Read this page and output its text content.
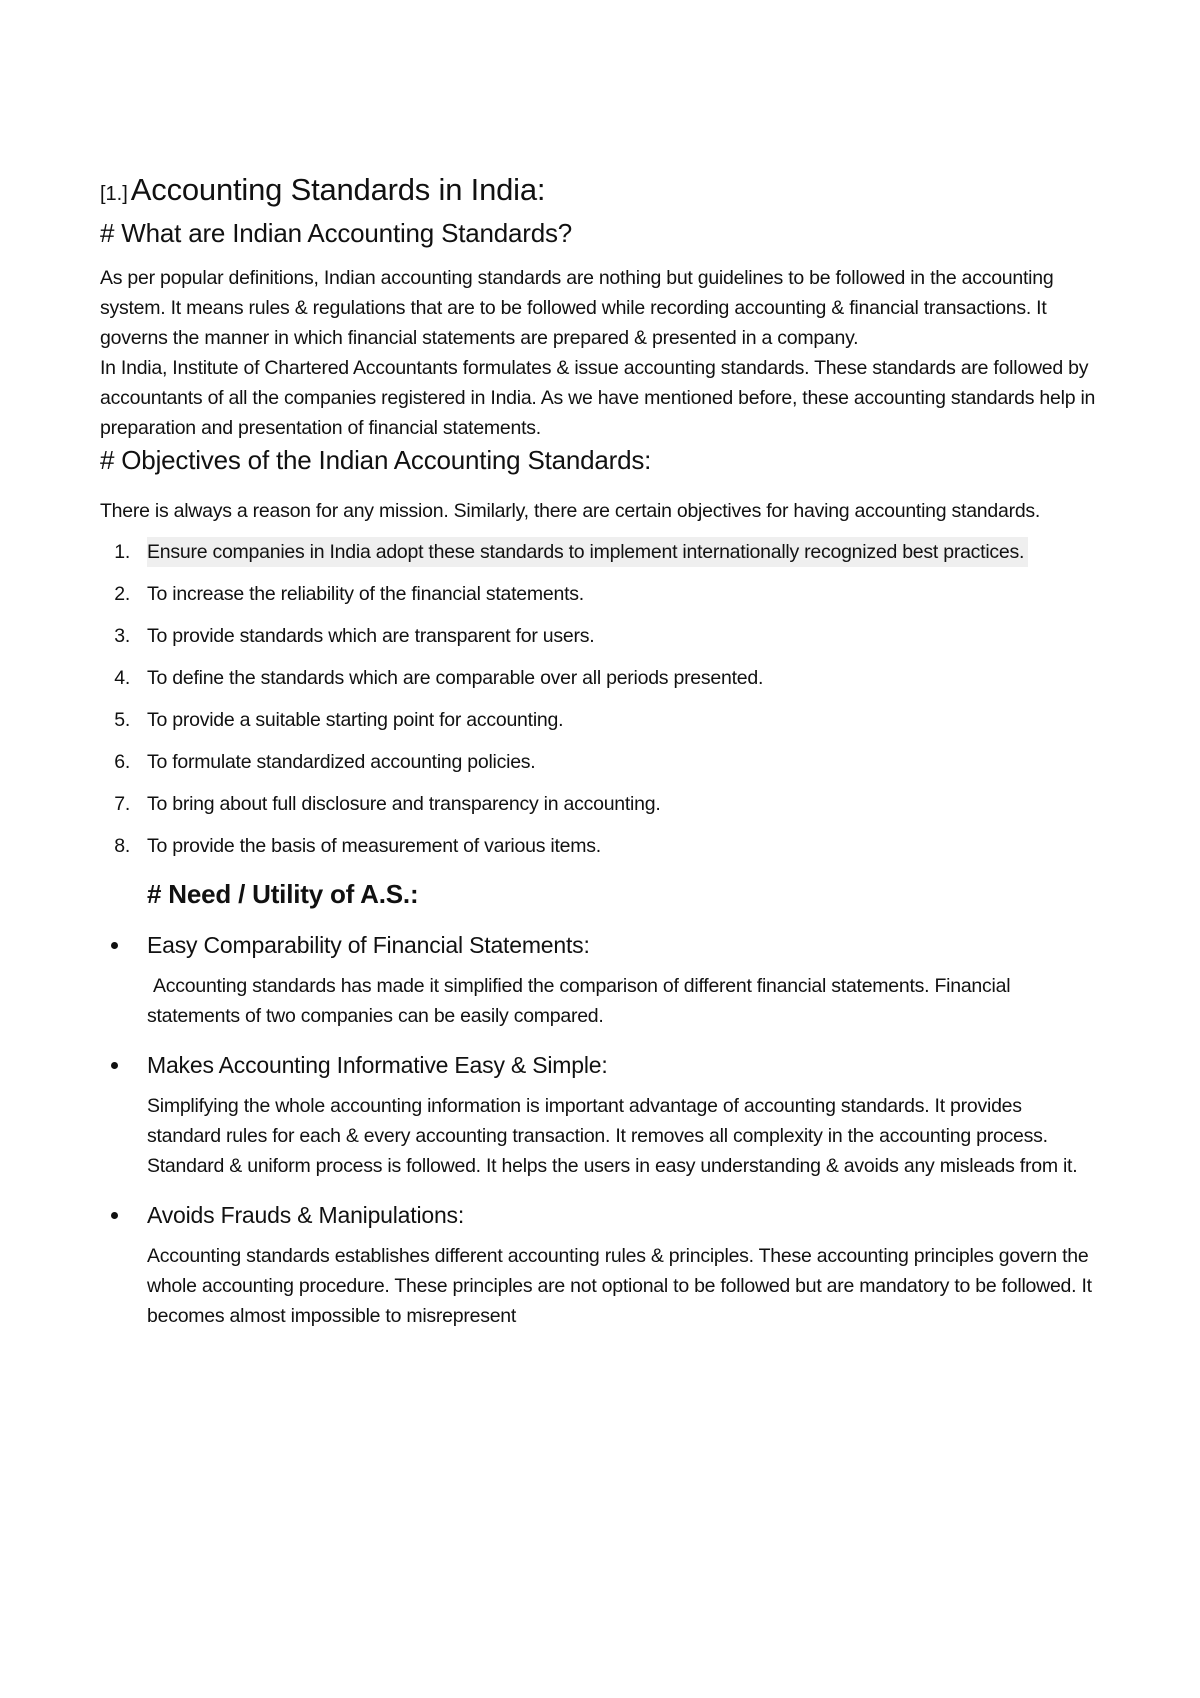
[1.] Accounting Standards in India:
# What are Indian Accounting Standards?

As per popular definitions, Indian accounting standards are nothing but guidelines to be followed in the accounting system. It means rules & regulations that are to be followed while recording accounting & financial transactions. It governs the manner in which financial statements are prepared & presented in a company.

In India, Institute of Chartered Accountants formulates & issue accounting standards. These standards are followed by accountants of all the companies registered in India. As we have mentioned before, these accounting standards help in preparation and presentation of financial statements.

# Objectives of the Indian Accounting Standards:

There is always a reason for any mission. Similarly, there are certain objectives for having accounting standards.

1. Ensure companies in India adopt these standards to implement internationally recognized best practices.
2. To increase the reliability of the financial statements.
3. To provide standards which are transparent for users.
4. To define the standards which are comparable over all periods presented.
5. To provide a suitable starting point for accounting.
6. To formulate standardized accounting policies.
7. To bring about full disclosure and transparency in accounting.
8. To provide the basis of measurement of various items.
# Need / Utility of A.S.:
Easy Comparability of Financial Statements:

Accounting standards has made it simplified the comparison of different financial statements. Financial statements of two companies can be easily compared.

Makes Accounting Informative Easy & Simple:

Simplifying the whole accounting information is important advantage of accounting standards. It provides standard rules for each & every accounting transaction. It removes all complexity in the accounting process. Standard & uniform process is followed. It helps the users in easy understanding & avoids any misleads from it.

Avoids Frauds & Manipulations:

Accounting standards establishes different accounting rules & principles. These accounting principles govern the whole accounting procedure. These principles are not optional to be followed but are mandatory to be followed. It becomes almost impossible to misrepresent
